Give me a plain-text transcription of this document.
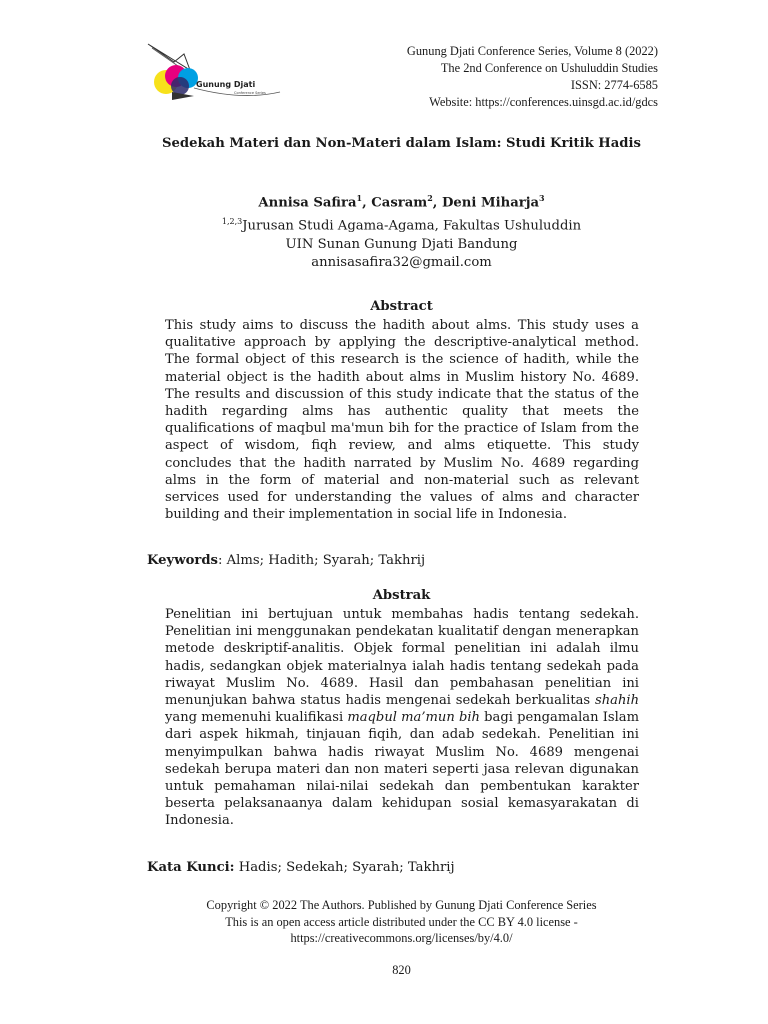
Gunung Djati
Conference Series
Gunung Djati Conference Series, Volume 8 (2022)
The 2nd Conference on Ushuluddin Studies
ISSN: 2774-6585
Website: https://conferences.uinsgd.ac.id/gdcs
Sedekah Materi dan Non-Materi dalam Islam: Studi Kritik Hadis
Annisa Safira$^1$, Casram$^2$, Deni Miharja$^3$
$^{1,2,3}$Jurusan Studi Agama-Agama, Fakultas Ushuluddin
UIN Sunan Gunung Djati Bandung
annisasafira32@gmail.com
Abstract
This study aims to discuss the hadith about alms. This study uses a qualitative approach by applying the descriptive-analytical method. The formal object of this research is the science of hadith, while the material object is the hadith about alms in Muslim history No. 4689. The results and discussion of this study indicate that the status of the hadith regarding alms has authentic quality that meets the qualifications of maqbul ma'mun bih for the practice of Islam from the aspect of wisdom, fiqh review, and alms etiquette. This study concludes that the hadith narrated by Muslim No. 4689 regarding alms in the form of material and non-material such as relevant services used for understanding the values of alms and character building and their implementation in social life in Indonesia.
Keywords: Alms; Hadith; Syarah; Takhrij
Abstrak
Penelitian ini bertujuan untuk membahas hadis tentang sedekah. Penelitian ini menggunakan pendekatan kualitatif dengan menerapkan metode deskriptif-analitis. Objek formal penelitian ini adalah ilmu hadis, sedangkan objek materialnya ialah hadis tentang sedekah pada riwayat Muslim No. 4689. Hasil dan pembahasan penelitian ini menunjukan bahwa status hadis mengenai sedekah berkualitas shahih yang memenuhi kualifikasi maqbul ma’mun bih bagi pengamalan Islam dari aspek hikmah, tinjauan fiqih, dan adab sedekah. Penelitian ini menyimpulkan bahwa hadis riwayat Muslim No. 4689 mengenai sedekah berupa materi dan non materi seperti jasa relevan digunakan untuk pemahaman nilai-nilai sedekah dan pembentukan karakter beserta pelaksanaanya dalam kehidupan sosial kemasyarakatan di Indonesia.
Kata Kunci: Hadis; Sedekah; Syarah; Takhrij
Copyright © 2022 The Authors. Published by Gunung Djati Conference Series
This is an open access article distributed under the CC BY 4.0 license -
https://creativecommons.org/licenses/by/4.0/
820
